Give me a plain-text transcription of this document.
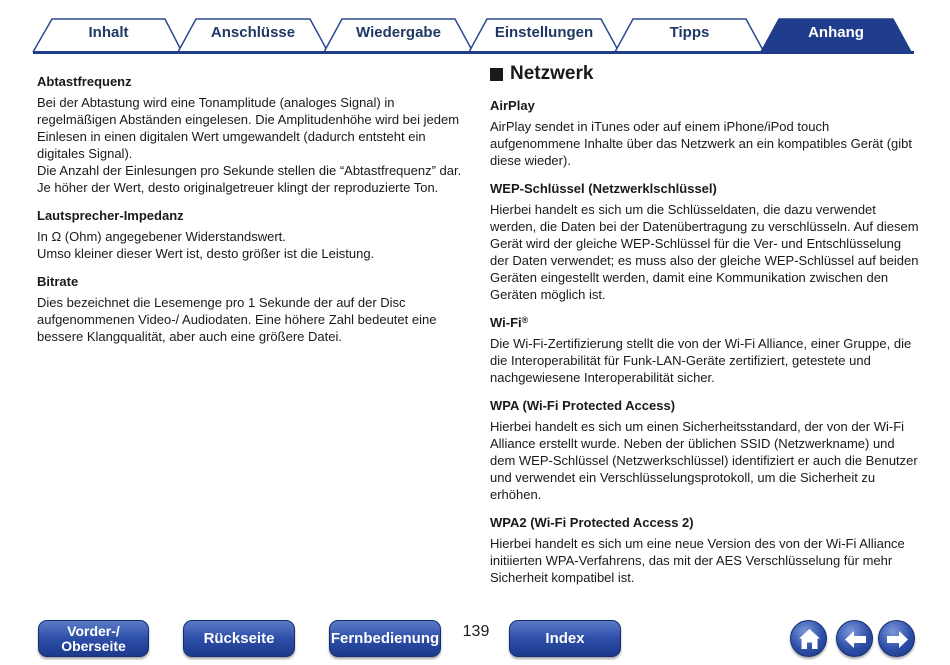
Inhalt	Anschlüsse	Wiedergabe	Einstellungen	Tipps	Anhang
Abtastfrequenz

Bei der Abtastung wird eine Tonamplitude (analoges Signal) in regelmäßigen Abständen eingelesen. Die Amplitudenhöhe wird bei jedem Einlesen in einen digitalen Wert umgewandelt (dadurch entsteht ein digitales Signal).

Die Anzahl der Einlesungen pro Sekunde stellen die “Abtastfrequenz” dar. Je höher der Wert, desto originalgetreuer klingt der reproduzierte Ton.

Lautsprecher-Impedanz

In Ω (Ohm) angegebener Widerstandswert.

Umso kleiner dieser Wert ist, desto größer ist die Leistung.

Bitrate

Dies bezeichnet die Lesemenge pro 1 Sekunde der auf der Disc aufgenommenen Video-/ Audiodaten. Eine höhere Zahl bedeutet eine bessere Klangqualität, aber auch eine größere Datei.

Netzwerk
AirPlay

AirPlay sendet in iTunes oder auf einem iPhone/iPod touch aufgenommene Inhalte über das Netzwerk an ein kompatibles Gerät (gibt diese wieder).

WEP-Schlüssel (Netzwerklschlüssel)

Hierbei handelt es sich um die Schlüsseldaten, die dazu verwendet werden, die Daten bei der Datenübertragung zu verschlüsseln. Auf diesem Gerät wird der gleiche WEP-Schlüssel für die Ver- und Entschlüsselung der Daten verwendet; es muss also der gleiche WEP-Schlüssel auf beiden Geräten eingestellt werden, damit eine Kommunikation zwischen den Geräten möglich ist.

Wi-Fi®

Die Wi-Fi-Zertifizierung stellt die von der Wi-Fi Alliance, einer Gruppe, die die Interoperabilität für Funk-LAN-Geräte zertifiziert, getestete und nachgewiesene Interoperabilität sicher.

WPA (Wi-Fi Protected Access)

Hierbei handelt es sich um einen Sicherheitsstandard, der von der Wi-Fi Alliance erstellt wurde. Neben der üblichen SSID (Netzwerkname) und dem WEP-Schlüssel (Netzwerkschlüssel) identifiziert er auch die Benutzer und verwendet ein Verschlüsselungsprotokoll, um die Sicherheit zu erhöhen.

WPA2 (Wi-Fi Protected Access 2)

Hierbei handelt es sich um eine neue Version des von der Wi-Fi Alliance initiierten WPA-Verfahrens, das mit der AES Verschlüsselung für mehr Sicherheit kompatibel ist.

Vorder-/
Oberseite	Rückseite	Fernbedienung	139	Index
